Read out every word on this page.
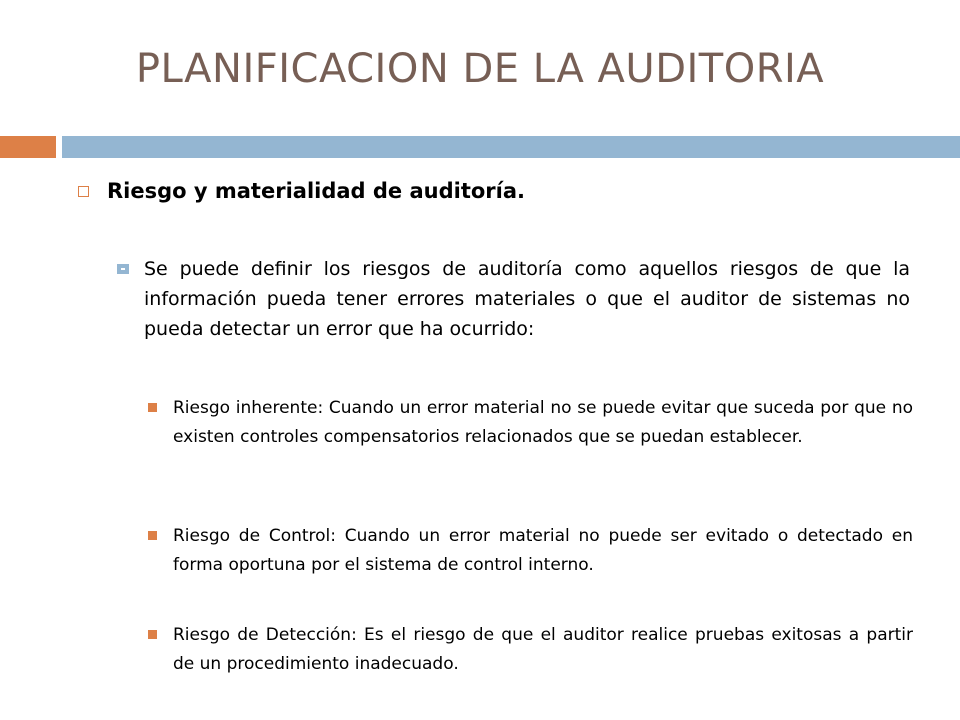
PLANIFICACION DE LA AUDITORIA
Riesgo y materialidad de auditoría.
Se puede definir los riesgos de auditoría como aquellos riesgos de que la información pueda tener errores materiales o que el auditor de sistemas no pueda detectar un error que ha ocurrido:
Riesgo inherente: Cuando un error material no se puede evitar que suceda por que no existen controles compensatorios relacionados que se puedan establecer.
Riesgo de Control: Cuando un error material no puede ser evitado o detectado en forma oportuna por el sistema de control interno.
Riesgo de Detección: Es el riesgo de que el auditor realice pruebas exitosas a partir de un procedimiento inadecuado.
